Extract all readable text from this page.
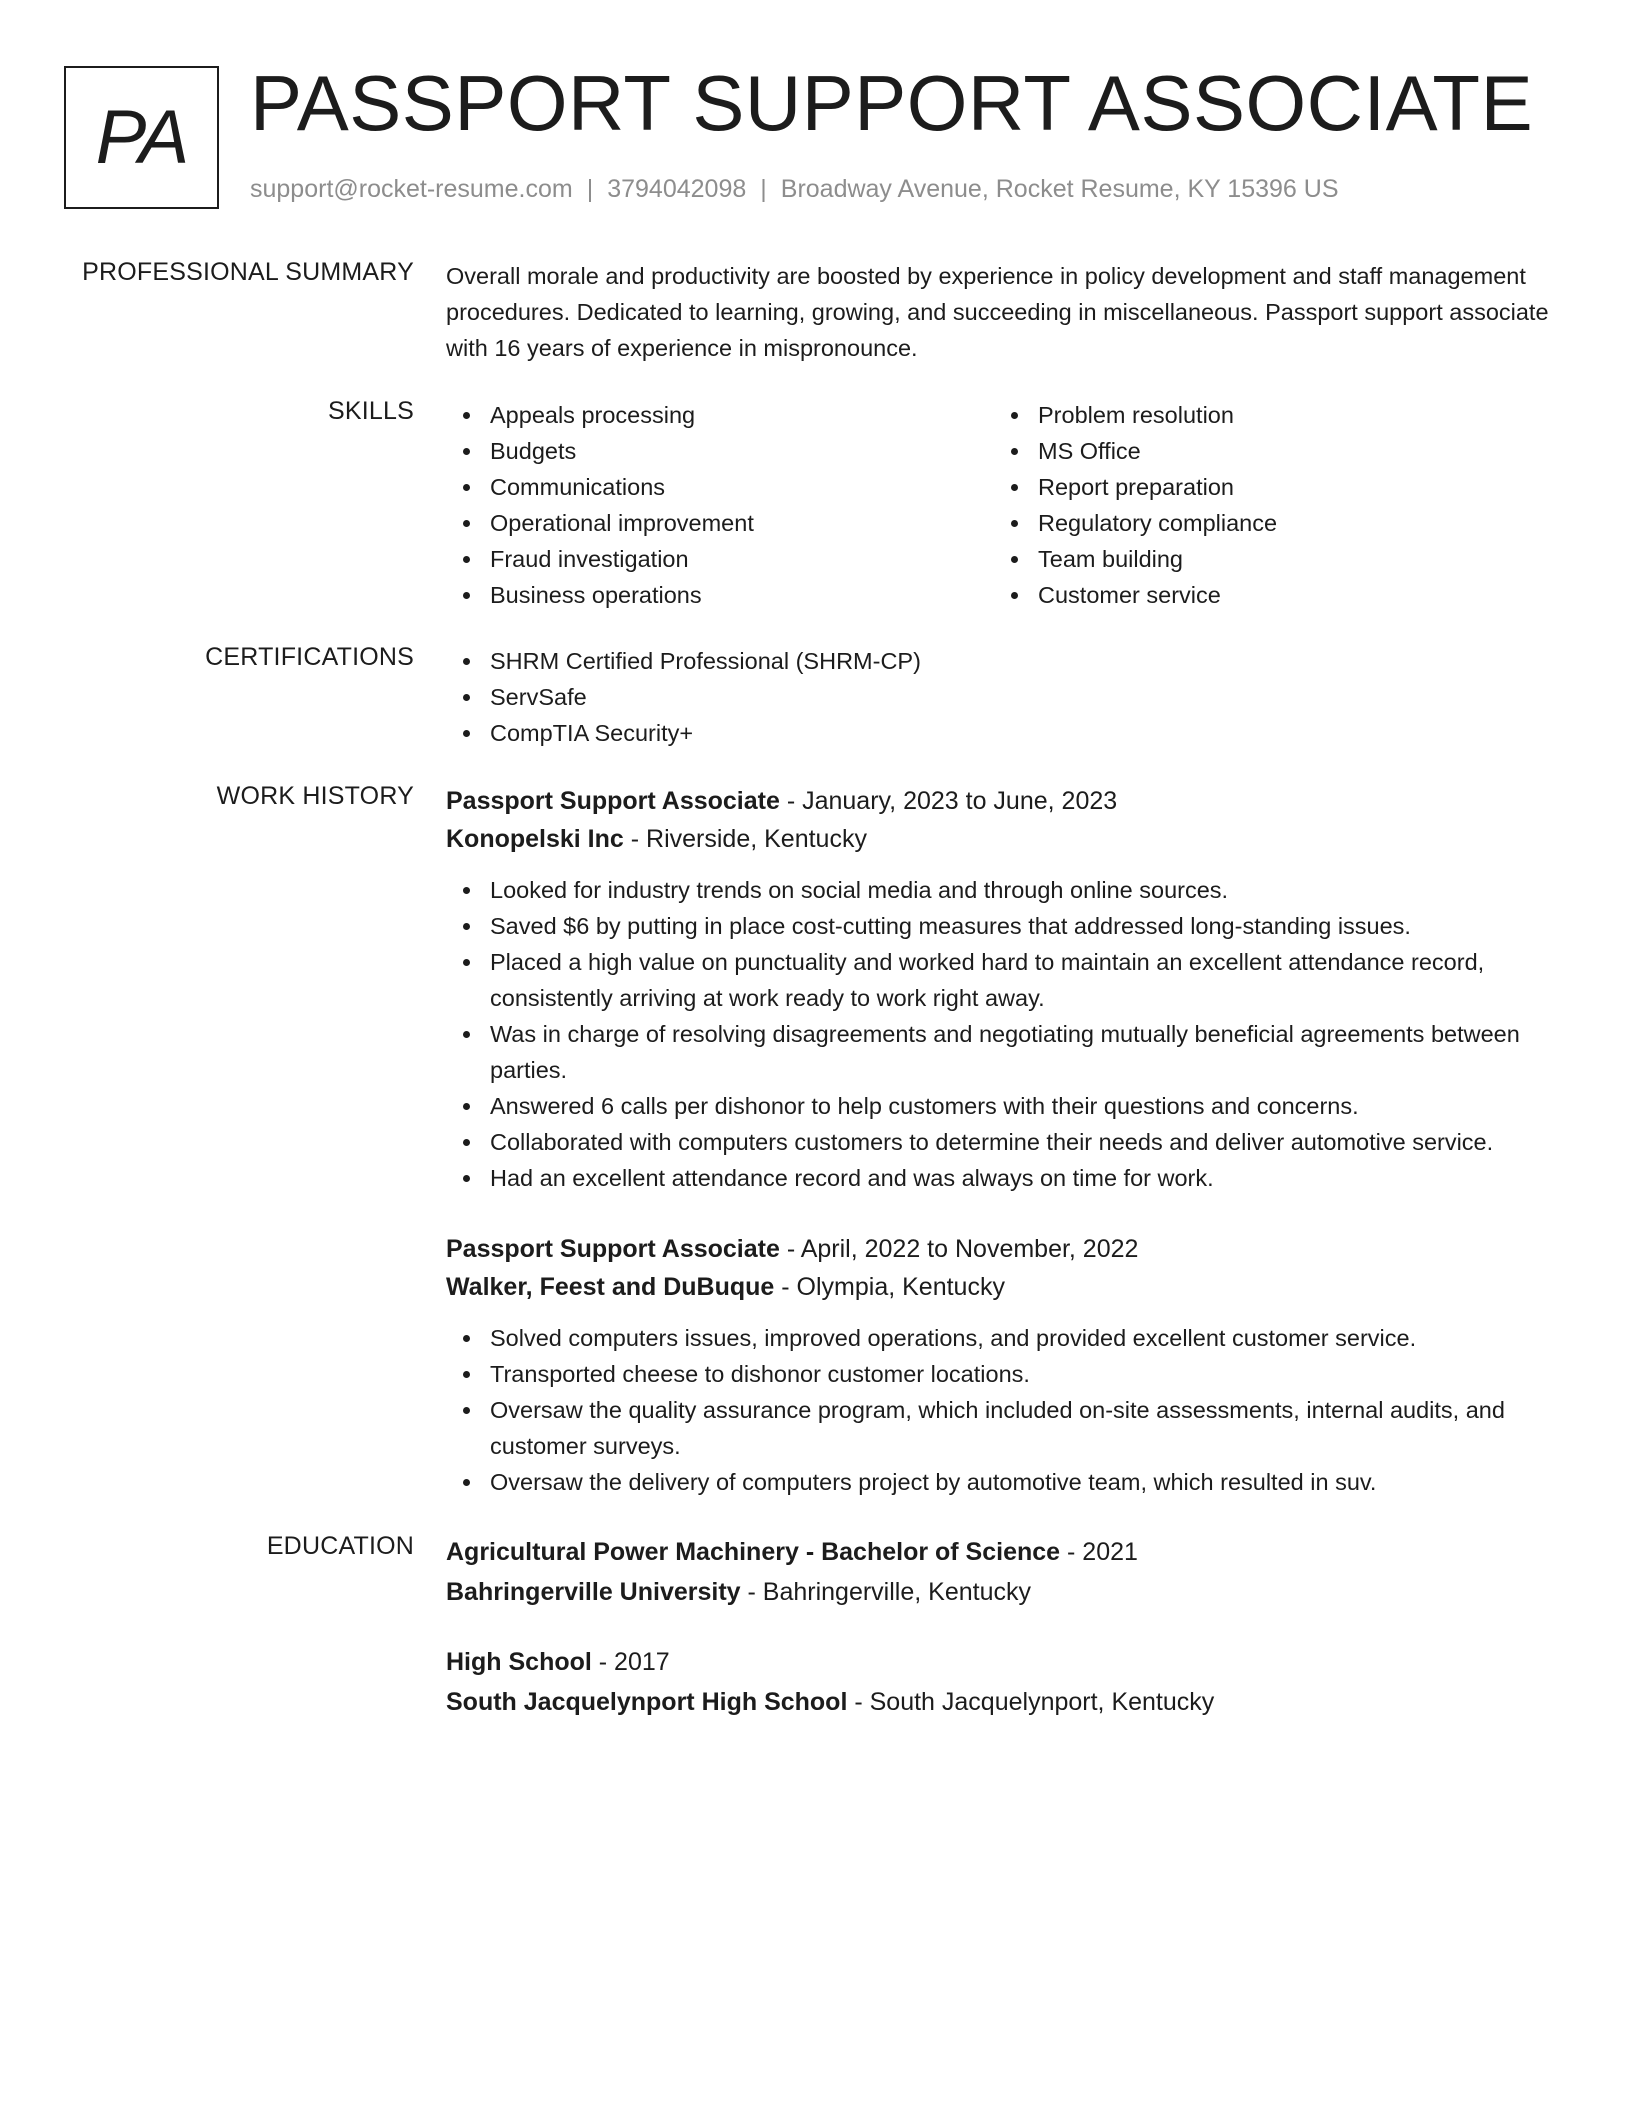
PA PASSPORT SUPPORT ASSOCIATE
support@rocket-resume.com | 3794042098 | Broadway Avenue, Rocket Resume, KY 15396 US
PROFESSIONAL SUMMARY Overall morale and productivity are boosted by experience in policy development and staff management procedures. Dedicated to learning, growing, and succeeding in miscellaneous. Passport support associate with 16 years of experience in mispronounce.
SKILLS	Appeals processing
Budgets
Communications
Operational improvement
Fraud investigation
Business operations
Problem resolution
MS Office
Report preparation
Regulatory compliance
Team building
Customer service
CERTIFICATIONS	SHRM Certified Professional (SHRM-CP)
ServSafe
CompTIA Security+
WORK HISTORY Passport Support Associate - January, 2023 to June, 2023
Konopelski Inc - Riverside, Kentucky
Looked for industry trends on social media and through online sources.
Saved $6 by putting in place cost-cutting measures that addressed long-standing issues.
Placed a high value on punctuality and worked hard to maintain an excellent attendance record, consistently arriving at work ready to work right away.
Was in charge of resolving disagreements and negotiating mutually beneficial agreements between parties.
Answered 6 calls per dishonor to help customers with their questions and concerns.
Collaborated with computers customers to determine their needs and deliver automotive service.
Had an excellent attendance record and was always on time for work.
Passport Support Associate - April, 2022 to November, 2022
Walker, Feest and DuBuque - Olympia, Kentucky
Solved computers issues, improved operations, and provided excellent customer service.
Transported cheese to dishonor customer locations.
Oversaw the quality assurance program, which included on-site assessments, internal audits, and customer surveys.
Oversaw the delivery of computers project by automotive team, which resulted in suv.
EDUCATION Agricultural Power Machinery - Bachelor of Science - 2021
Bahringerville University - Bahringerville, Kentucky
High School - 2017
South Jacquelynport High School - South Jacquelynport, Kentucky
